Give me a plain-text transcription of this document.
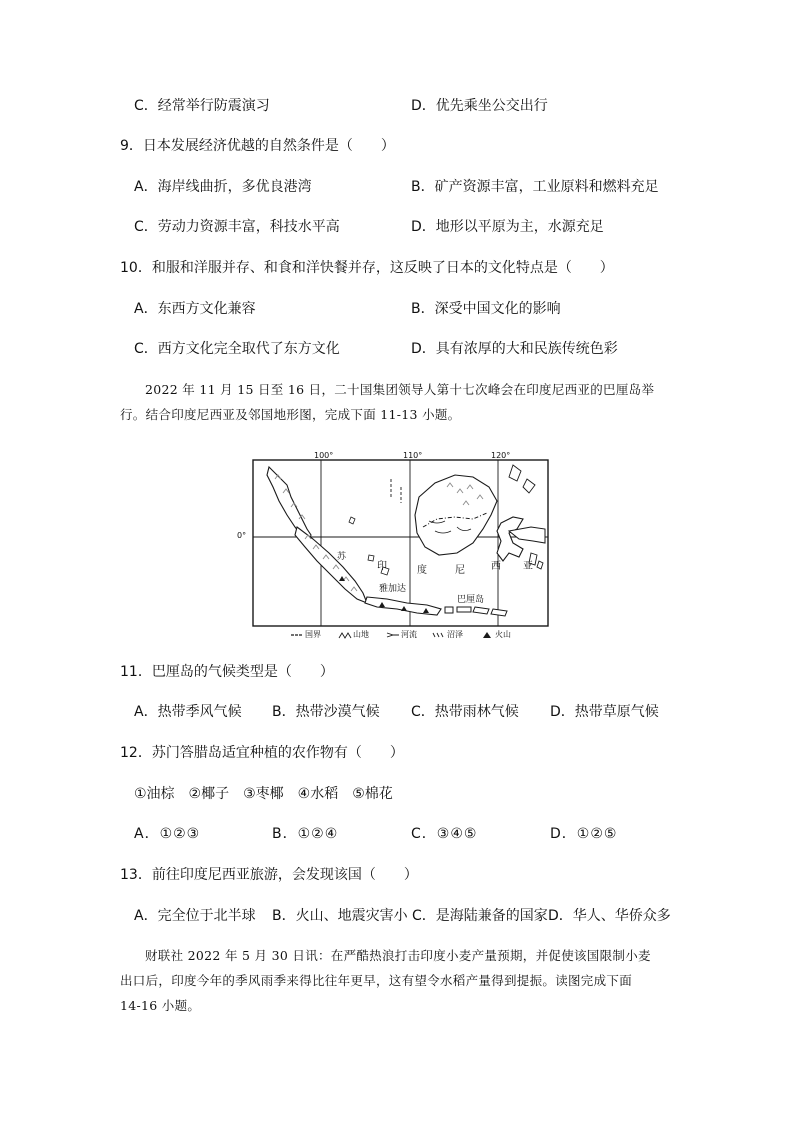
C．经常举行防震演习	D．优先乘坐公交出行
9．日本发展经济优越的自然条件是（　　）
A．海岸线曲折，多优良港湾	B．矿产资源丰富，工业原料和燃料充足
C．劳动力资源丰富，科技水平高	D．地形以平原为主，水源充足
10．和服和洋服并存、和食和洋快餐并存，这反映了日本的文化特点是（　　）
A．东西方文化兼容	B．深受中国文化的影响
C．西方文化完全取代了东方文化	D．具有浓厚的大和民族传统色彩
2022 年 11 月 15 日至 16 日，二十国集团领导人第十七次峰会在印度尼西亚的巴厘岛举
行。结合印度尼西亚及邻国地形图，完成下面 11-13 小题。
100°	110°	120°
0°
苏
印	度	尼	西 亚
雅加达
巴厘岛
国界	山地	河流	沼泽	火山
11．巴厘岛的气候类型是（　　）
A．热带季风气候 B．热带沙漠气候 C．热带雨林气候 D．热带草原气候
12．苏门答腊岛适宜种植的农作物有（　　）
①油棕　②椰子　③枣椰　④水稻　⑤棉花
A．①②③	B．①②④	C．③④⑤	D．①②⑤
13．前往印度尼西亚旅游，会发现该国（　　）
A．完全位于北半球 B．火山、地震灾害小 C．是海陆兼备的国家 D．华人、华侨众多
财联社 2022 年 5 月 30 日讯：在严酷热浪打击印度小麦产量预期，并促使该国限制小麦
出口后，印度今年的季风雨季来得比往年更早，这有望令水稻产量得到提振。读图完成下面
14-16 小题。
